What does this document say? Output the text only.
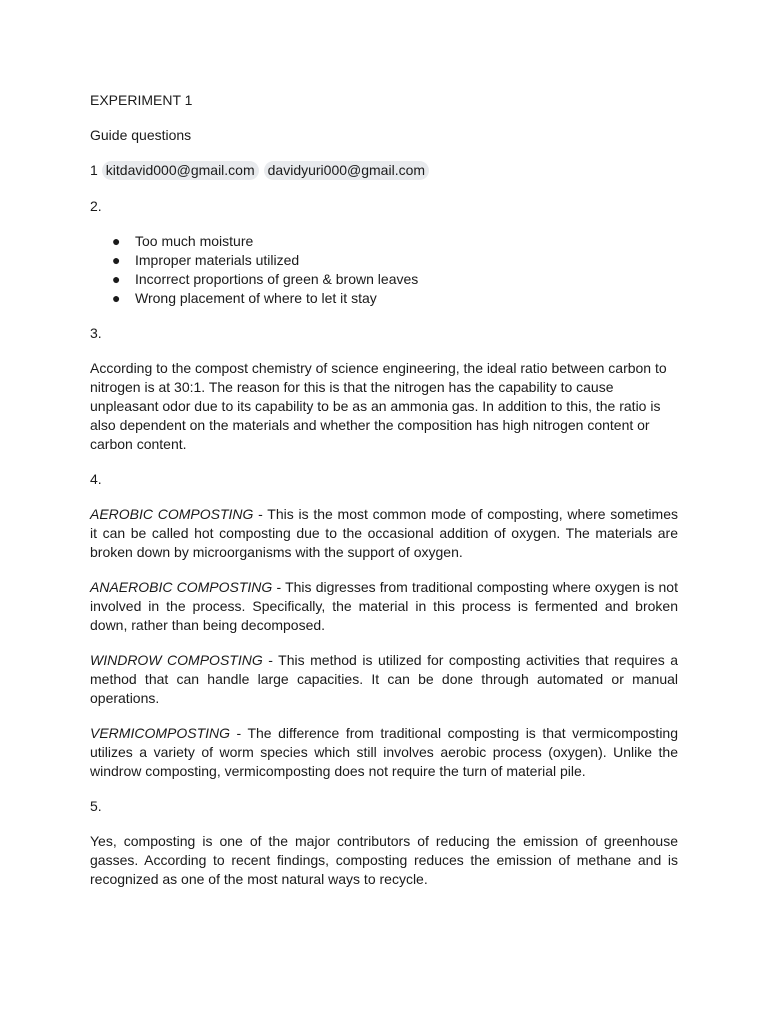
EXPERIMENT 1

Guide questions

1 kitdavid000@gmail.com davidyuri000@gmail.com

2.

● Too much moisture
● Improper materials utilized
● Incorrect proportions of green & brown leaves
● Wrong placement of where to let it stay

3.

According to the compost chemistry of science engineering, the ideal ratio between carbon to nitrogen is at 30:1. The reason for this is that the nitrogen has the capability to cause unpleasant odor due to its capability to be as an ammonia gas. In addition to this, the ratio is also dependent on the materials and whether the composition has high nitrogen content or carbon content.

4.

AEROBIC COMPOSTING - This is the most common mode of composting, where sometimes it can be called hot composting due to the occasional addition of oxygen. The materials are broken down by microorganisms with the support of oxygen.

ANAEROBIC COMPOSTING - This digresses from traditional composting where oxygen is not involved in the process. Specifically, the material in this process is fermented and broken down, rather than being decomposed.

WINDROW COMPOSTING - This method is utilized for composting activities that requires a method that can handle large capacities. It can be done through automated or manual operations.

VERMICOMPOSTING - The difference from traditional composting is that vermicomposting utilizes a variety of worm species which still involves aerobic process (oxygen). Unlike the windrow composting, vermicomposting does not require the turn of material pile.

5.

Yes, composting is one of the major contributors of reducing the emission of greenhouse gasses. According to recent findings, composting reduces the emission of methane and is recognized as one of the most natural ways to recycle.
